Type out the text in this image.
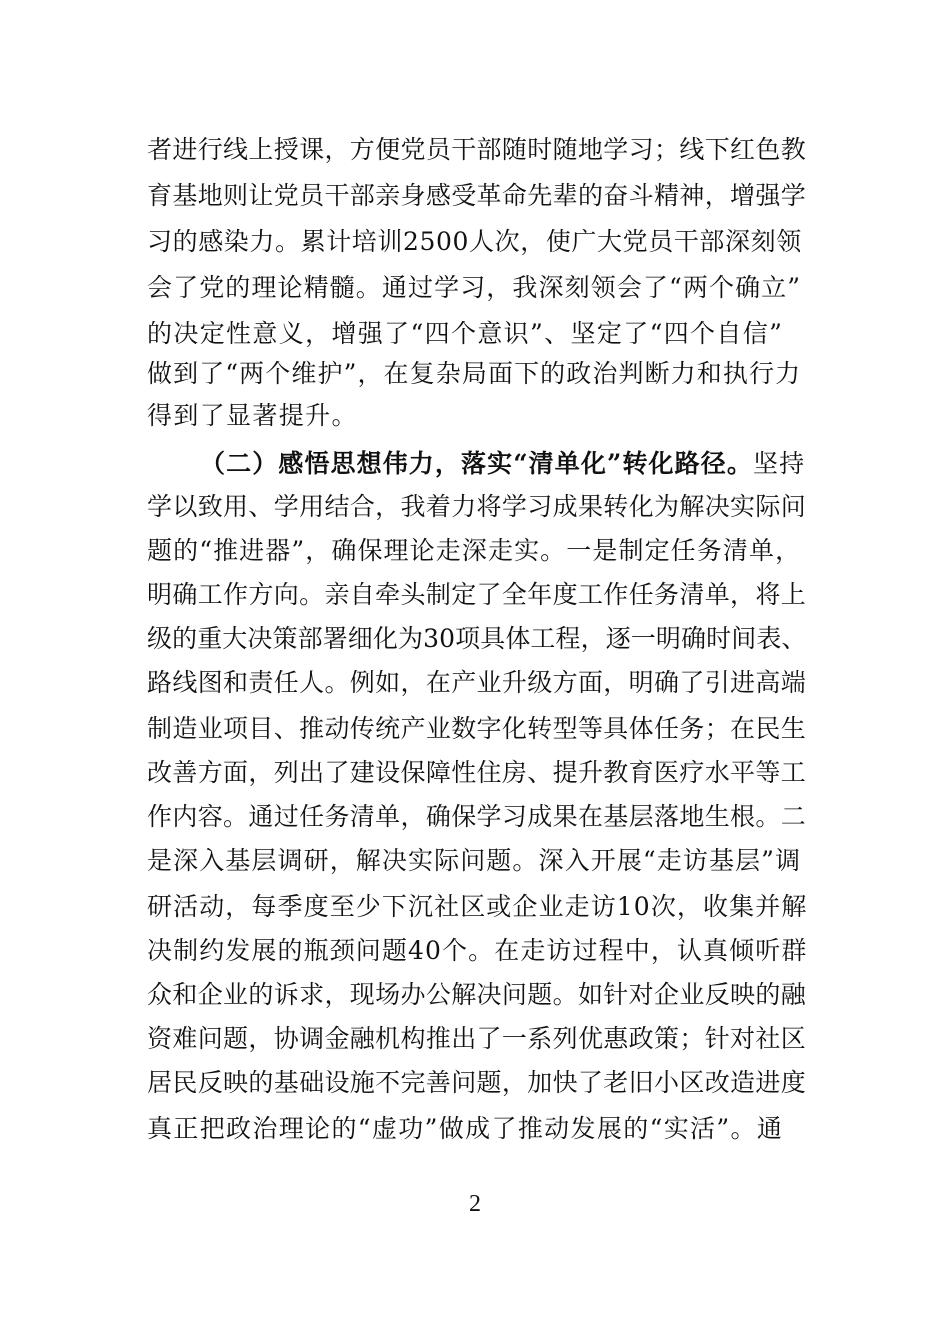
者进行线上授课，方便党员干部随时随地学习；线下红色教
育基地则让党员干部亲身感受革命先辈的奋斗精神，增强学
习的感染力。累计培训2500人次，使广大党员干部深刻领
会了党的理论精髓。通过学习，我深刻领会了“两个确立”
的决定性意义，增强了“四个意识”、坚定了“四个自信”
做到了“两个维护”，在复杂局面下的政治判断力和执行力
得到了显著提升。
（二）感悟思想伟力，落实“清单化”转化路径。坚持
学以致用、学用结合，我着力将学习成果转化为解决实际问
题的“推进器”，确保理论走深走实。一是制定任务清单，
明确工作方向。亲自牵头制定了全年度工作任务清单，将上
级的重大决策部署细化为30项具体工程，逐一明确时间表、
路线图和责任人。例如，在产业升级方面，明确了引进高端
制造业项目、推动传统产业数字化转型等具体任务；在民生
改善方面，列出了建设保障性住房、提升教育医疗水平等工
作内容。通过任务清单，确保学习成果在基层落地生根。二
是深入基层调研，解决实际问题。深入开展“走访基层”调
研活动，每季度至少下沉社区或企业走访10次，收集并解
决制约发展的瓶颈问题40个。在走访过程中，认真倾听群
众和企业的诉求，现场办公解决问题。如针对企业反映的融
资难问题，协调金融机构推出了一系列优惠政策；针对社区
居民反映的基础设施不完善问题，加快了老旧小区改造进度
真正把政治理论的“虚功”做成了推动发展的“实活”。通
2
